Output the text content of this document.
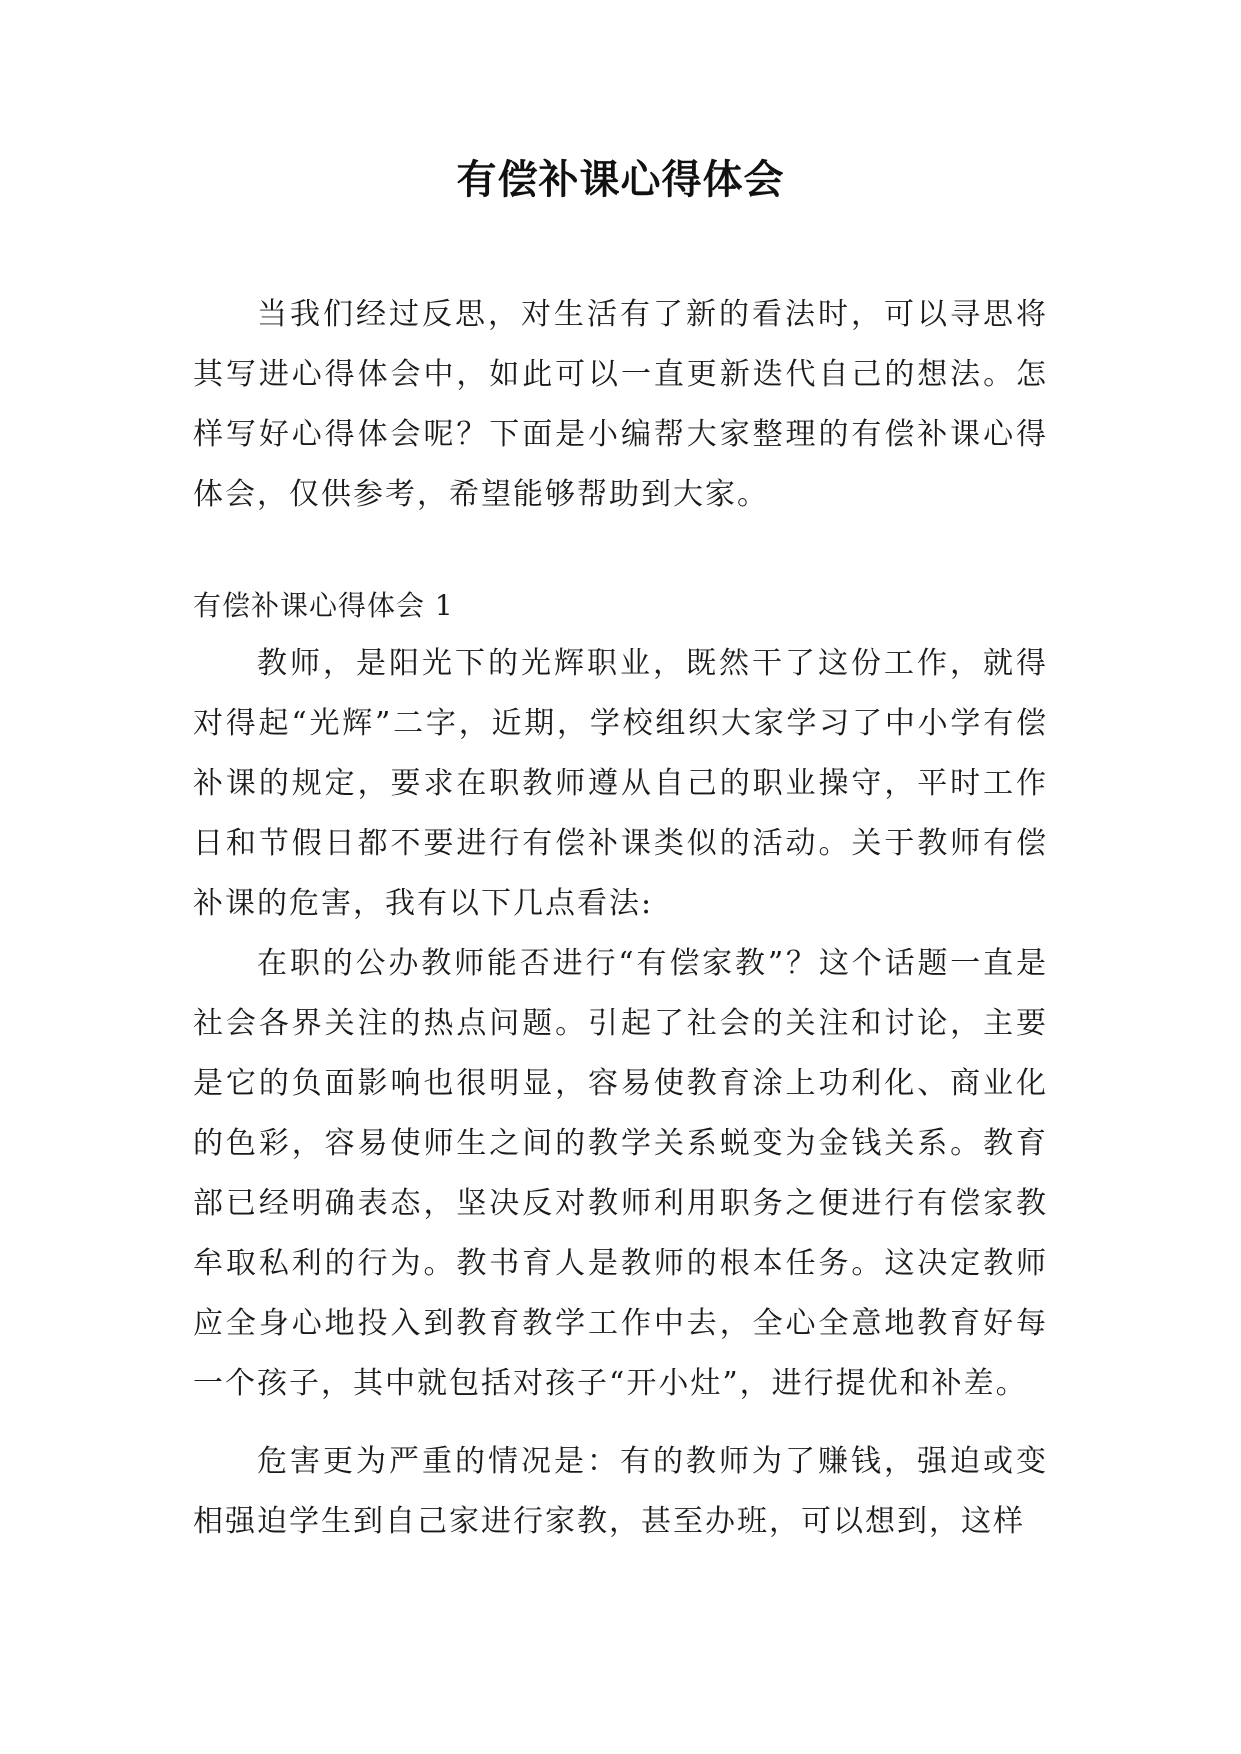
有偿补课心得体会

当我们经过反思，对生活有了新的看法时，可以寻思将其写进心得体会中，如此可以一直更新迭代自己的想法。怎样写好心得体会呢？下面是小编帮大家整理的有偿补课心得体会，仅供参考，希望能够帮助到大家。

有偿补课心得体会 1

教师，是阳光下的光辉职业，既然干了这份工作，就得对得起“光辉”二字，近期，学校组织大家学习了中小学有偿补课的规定，要求在职教师遵从自己的职业操守，平时工作日和节假日都不要进行有偿补课类似的活动。关于教师有偿补课的危害，我有以下几点看法:

在职的公办教师能否进行“有偿家教”？这个话题一直是社会各界关注的热点问题。引起了社会的关注和讨论，主要是它的负面影响也很明显，容易使教育涂上功利化、商业化的色彩，容易使师生之间的教学关系蜕变为金钱关系。教育部已经明确表态，坚决反对教师利用职务之便进行有偿家教牟取私利的行为。教书育人是教师的根本任务。这决定教师应全身心地投入到教育教学工作中去，全心全意地教育好每一个孩子，其中就包括对孩子“开小灶”，进行提优和补差。

危害更为严重的情况是：有的教师为了赚钱，强迫或变相强迫学生到自己家进行家教，甚至办班，可以想到，这样
